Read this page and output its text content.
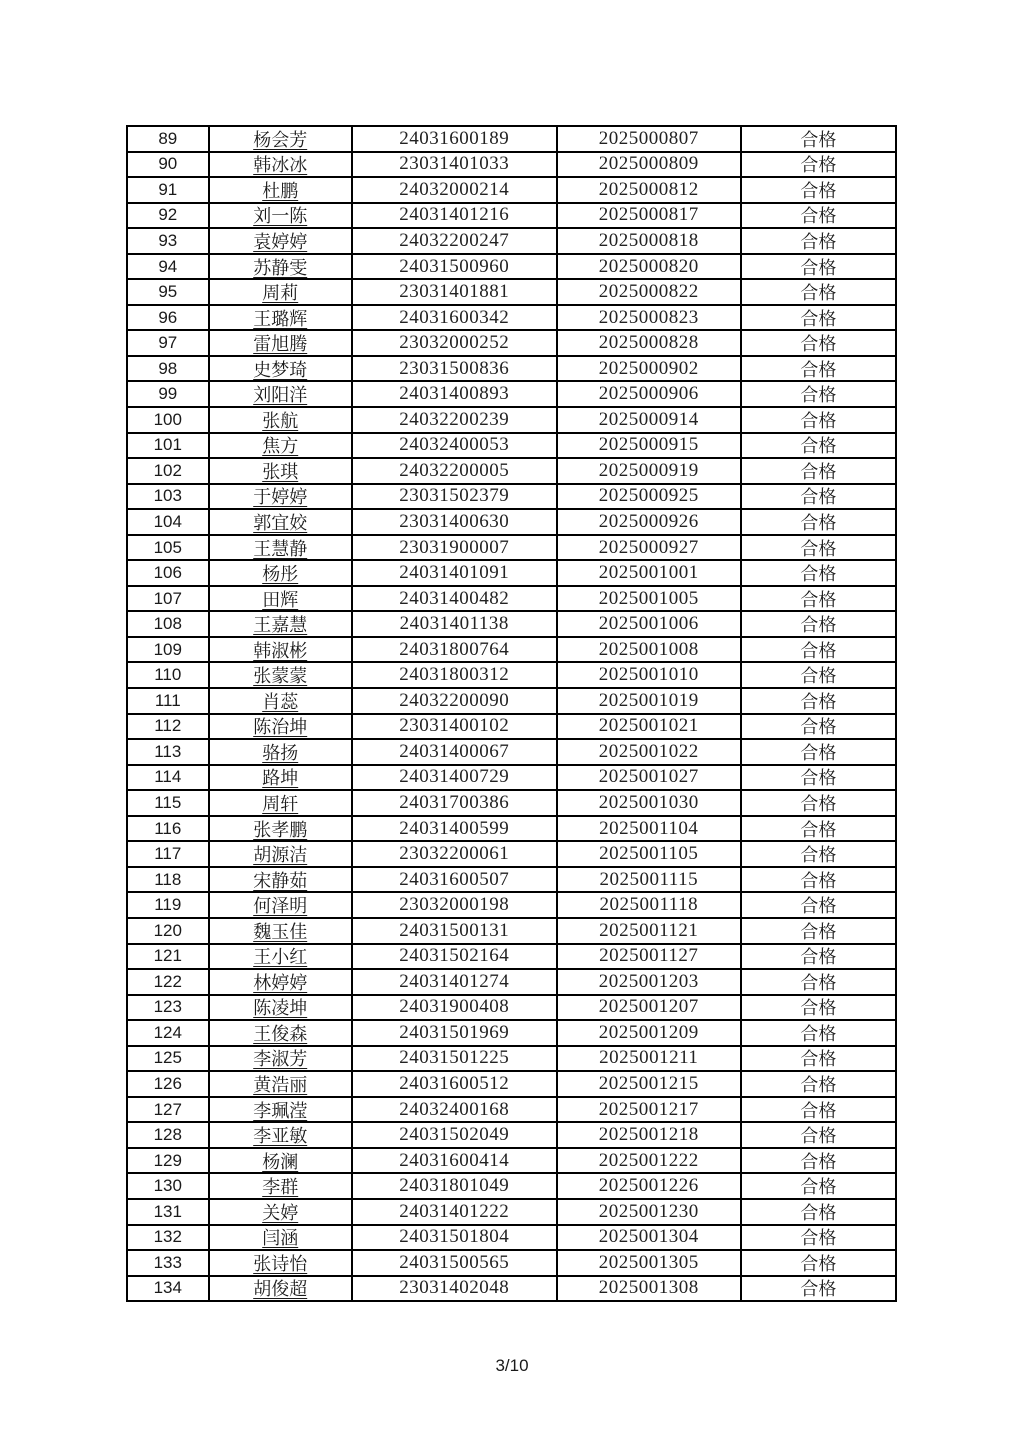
89	杨会芳	24031600189	2025000807	合格
90	韩冰冰	23031401033	2025000809	合格
91	杜鹏	24032000214	2025000812	合格
92	刘一陈	24031401216	2025000817	合格
93	袁婷婷	24032200247	2025000818	合格
94	苏静雯	24031500960	2025000820	合格
95	周莉	23031401881	2025000822	合格
96	王璐辉	24031600342	2025000823	合格
97	雷旭腾	23032000252	2025000828	合格
98	史梦琦	23031500836	2025000902	合格
99	刘阳洋	24031400893	2025000906	合格
100	张航	24032200239	2025000914	合格
101	焦方	24032400053	2025000915	合格
102	张琪	24032200005	2025000919	合格
103	于婷婷	23031502379	2025000925	合格
104	郭宜姣	23031400630	2025000926	合格
105	王慧静	23031900007	2025000927	合格
106	杨彤	24031401091	2025001001	合格
107	田辉	24031400482	2025001005	合格
108	王嘉慧	24031401138	2025001006	合格
109	韩淑彬	24031800764	2025001008	合格
110	张蒙蒙	24031800312	2025001010	合格
111	肖蕊	24032200090	2025001019	合格
112	陈治坤	23031400102	2025001021	合格
113	骆扬	24031400067	2025001022	合格
114	路坤	24031400729	2025001027	合格
115	周轩	24031700386	2025001030	合格
116	张孝鹏	24031400599	2025001104	合格
117	胡源洁	23032200061	2025001105	合格
118	宋静茹	24031600507	2025001115	合格
119	何泽明	23032000198	2025001118	合格
120	魏玉佳	24031500131	2025001121	合格
121	王小红	24031502164	2025001127	合格
122	林婷婷	24031401274	2025001203	合格
123	陈凌坤	24031900408	2025001207	合格
124	王俊森	24031501969	2025001209	合格
125	李淑芳	24031501225	2025001211	合格
126	黄浩丽	24031600512	2025001215	合格
127	李珮滢	24032400168	2025001217	合格
128	李亚敏	24031502049	2025001218	合格
129	杨澜	24031600414	2025001222	合格
130	李群	24031801049	2025001226	合格
131	关婷	24031401222	2025001230	合格
132	闫涵	24031501804	2025001304	合格
133	张诗怡	24031500565	2025001305	合格
134	胡俊超	23031402048	2025001308	合格
3/10
